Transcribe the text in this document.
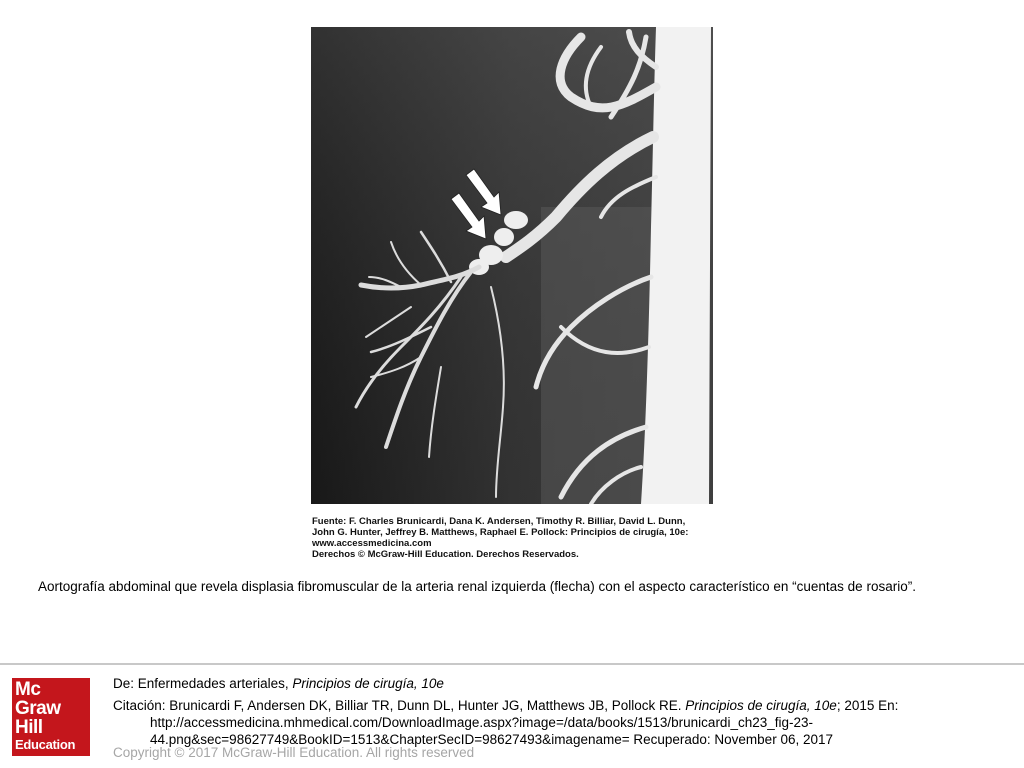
Fuente: F. Charles Brunicardi, Dana K. Andersen, Timothy R. Billiar, David L. Dunn,
John G. Hunter, Jeffrey B. Matthews, Raphael E. Pollock: Principios de cirugía, 10e:
www.accessmedicina.com
Derechos © McGraw-Hill Education. Derechos Reservados.
Aortografía abdominal que revela displasia fibromuscular de la arteria renal izquierda (flecha) con el aspecto característico en “cuentas de rosario”.
Mc
Graw
Hill
Education
De: Enfermedades arteriales, Principios de cirugía, 10e
Citación: Brunicardi F, Andersen DK, Billiar TR, Dunn DL, Hunter JG, Matthews JB, Pollock RE. Principios de cirugía, 10e; 2015 En:
http://accessmedicina.mhmedical.com/DownloadImage.aspx?image=/data/books/1513/brunicardi_ch23_fig-23-
44.png&sec=98627749&BookID=1513&ChapterSecID=98627493&imagename= Recuperado: November 06, 2017
Copyright © 2017 McGraw-Hill Education. All rights reserved
